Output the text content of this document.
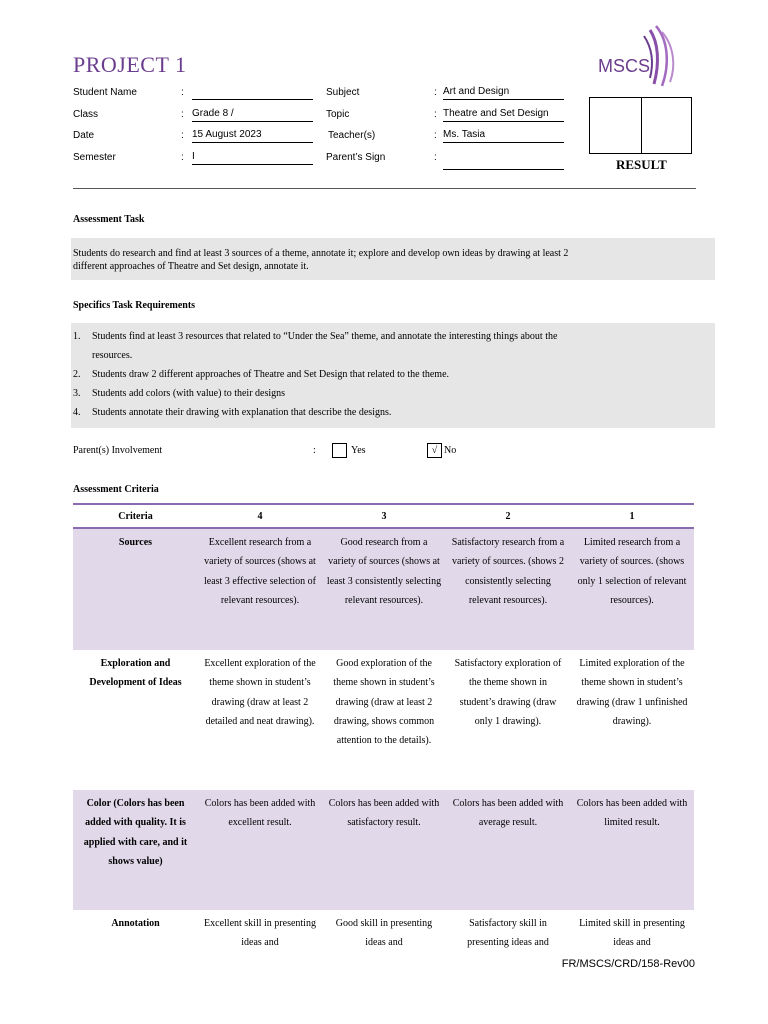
PROJECT 1	MSCS
Student Name	:
Class	: Grade 8 /
Date	: 15 August 2023
Semester	: I
Subject	: Art and Design
Topic	: Theatre and Set Design
Teacher(s)	: Ms. Tasia
Parent’s Sign	:	RESULT
Assessment Task
Students do research and find at least 3 sources of a theme, annotate it; explore and develop own ideas by drawing at least 2
different approaches of Theatre and Set design, annotate it.
Specifics Task Requirements
1. Students find at least 3 resources that related to “Under the Sea” theme, and annotate the interesting things about the
resources.
2. Students draw 2 different approaches of Theatre and Set Design that related to the theme.
3. Students add colors (with value) to their designs
4. Students annotate their drawing with explanation that describe the designs.
Parent(s) Involvement	:	Yes	√ No
Assessment Criteria
Criteria	4	3	2	1
Sources	Excellent research from a variety of sources (shows at least 3 effective selection of relevant resources).	Good research from a variety of sources (shows at least 3 consistently selecting relevant resources).	Satisfactory research from a variety of sources. (shows 2 consistently selecting relevant resources).	Limited research from a variety of sources. (shows only 1 selection of relevant resources).
Exploration and Development of Ideas	Excellent exploration of the theme shown in student’s drawing (draw at least 2 detailed and neat drawing).	Good exploration of the theme shown in student’s drawing (draw at least 2 drawing, shows common attention to the details).	Satisfactory exploration of the theme shown in student’s drawing (draw only 1 drawing).	Limited exploration of the theme shown in student’s drawing (draw 1 unfinished drawing).
Color (Colors has been added with quality. It is applied with care, and it shows value)	Colors has been added with excellent result.	Colors has been added with satisfactory result.	Colors has been added with average result.	Colors has been added with limited result.
Annotation	Excellent skill in presenting ideas and	Good skill in presenting ideas and	Satisfactory skill in presenting ideas and	Limited skill in presenting ideas and
FR/MSCS/CRD/158-Rev00
